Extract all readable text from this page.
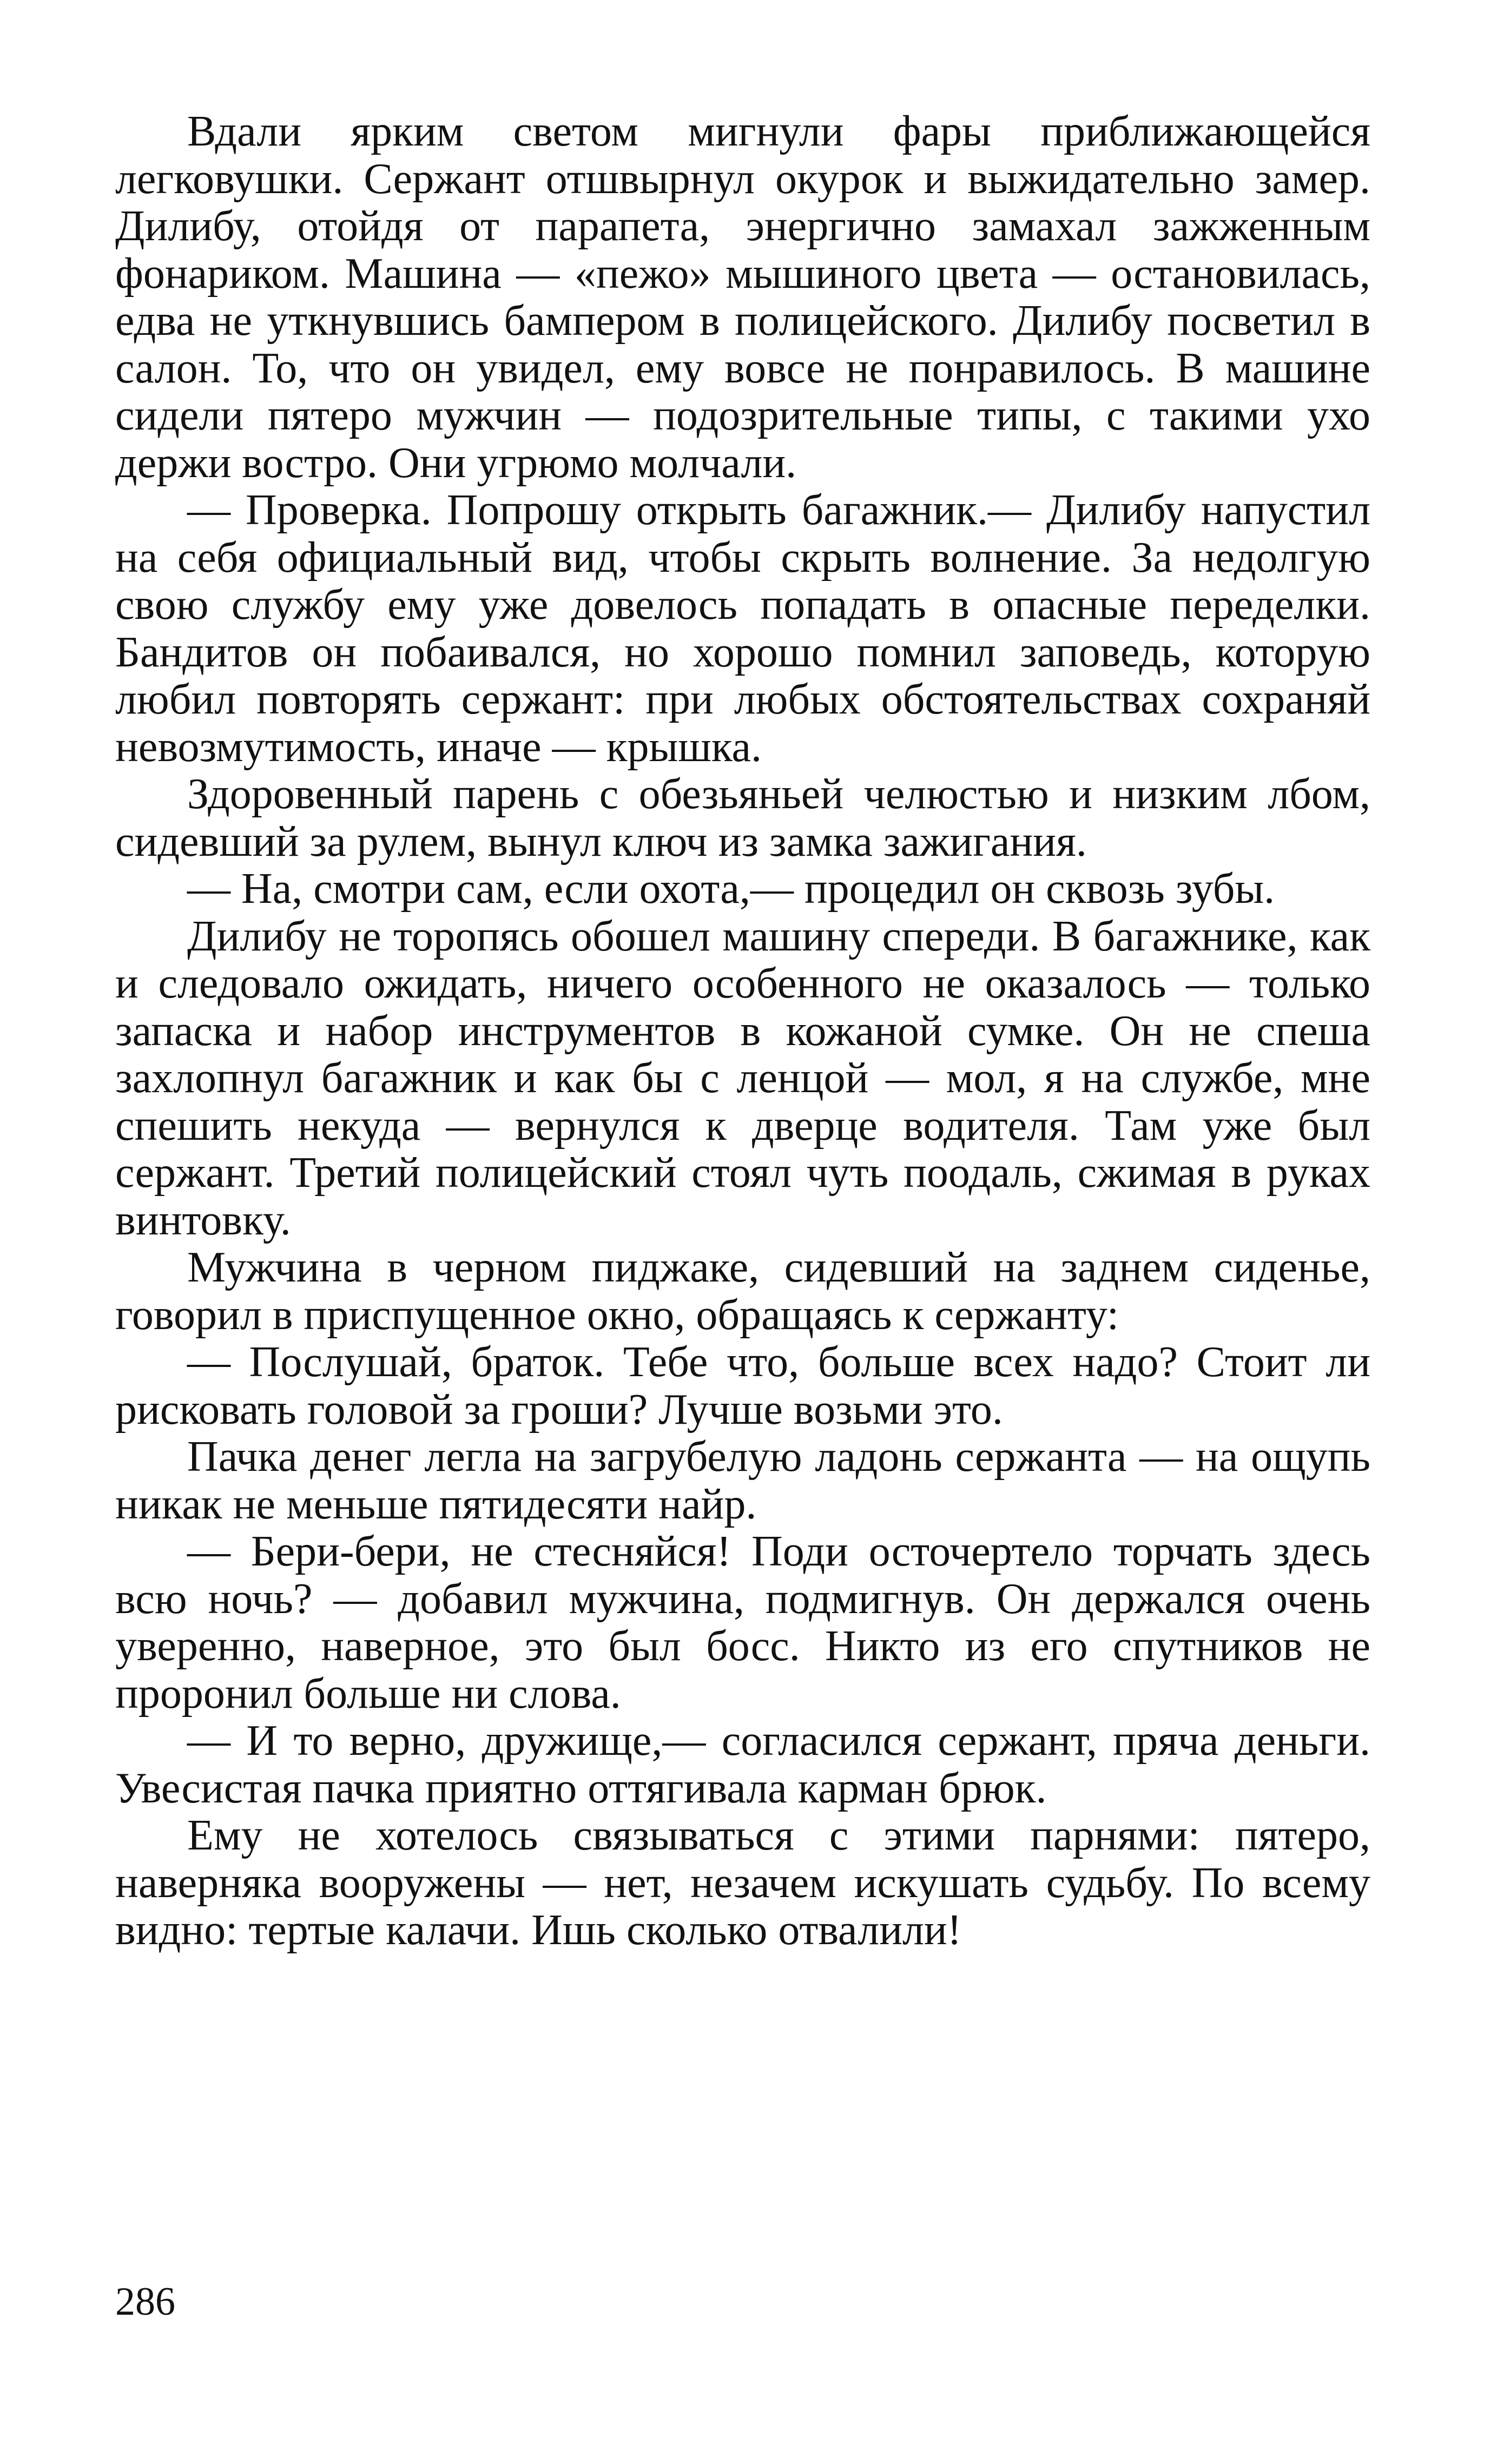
Вдали ярким светом мигнули фары приближающейся легковушки. Сержант отшвырнул окурок и выжидательно замер. Дилибу, отойдя от парапета, энергично замахал зажженным фонариком. Машина — «пежо» мышиного цвета — остановилась, едва не уткнувшись бампером в полицейского. Дилибу посветил в салон. То, что он увидел, ему вовсе не понравилось. В машине сидели пятеро мужчин — подозрительные типы, с такими ухо держи востро. Они угрюмо молчали.

— Проверка. Попрошу открыть багажник.— Дилибу напустил на себя официальный вид, чтобы скрыть волнение. За недолгую свою службу ему уже довелось попадать в опасные переделки. Бандитов он побаивался, но хорошо помнил заповедь, которую любил повторять сержант: при любых обстоятельствах сохраняй невозмутимость, иначе — крышка.

Здоровенный парень с обезьяньей челюстью и низким лбом, сидевший за рулем, вынул ключ из замка зажигания.

— На, смотри сам, если охота,— процедил он сквозь зубы.

Дилибу не торопясь обошел машину спереди. В багажнике, как и следовало ожидать, ничего особенного не оказалось — только запаска и набор инструментов в кожаной сумке. Он не спеша захлопнул багажник и как бы с ленцой — мол, я на службе, мне спешить некуда — вернулся к дверце водителя. Там уже был сержант. Третий полицейский стоял чуть поодаль, сжимая в руках винтовку.

Мужчина в черном пиджаке, сидевший на заднем сиденье, говорил в приспущенное окно, обращаясь к сержанту:

— Послушай, браток. Тебе что, больше всех надо? Стоит ли рисковать головой за гроши? Лучше возьми это.

Пачка денег легла на загрубелую ладонь сержанта — на ощупь никак не меньше пятидесяти найр.

— Бери-бери, не стесняйся! Поди осточертело торчать здесь всю ночь? — добавил мужчина, подмигнув. Он держался очень уверенно, наверное, это был босс. Никто из его спутников не проронил больше ни слова.

— И то верно, дружище,— согласился сержант, пряча деньги. Увесистая пачка приятно оттягивала карман брюк.

Ему не хотелось связываться с этими парнями: пятеро, наверняка вооружены — нет, незачем искушать судьбу. По всему видно: тертые калачи. Ишь сколько отвалили!

286
